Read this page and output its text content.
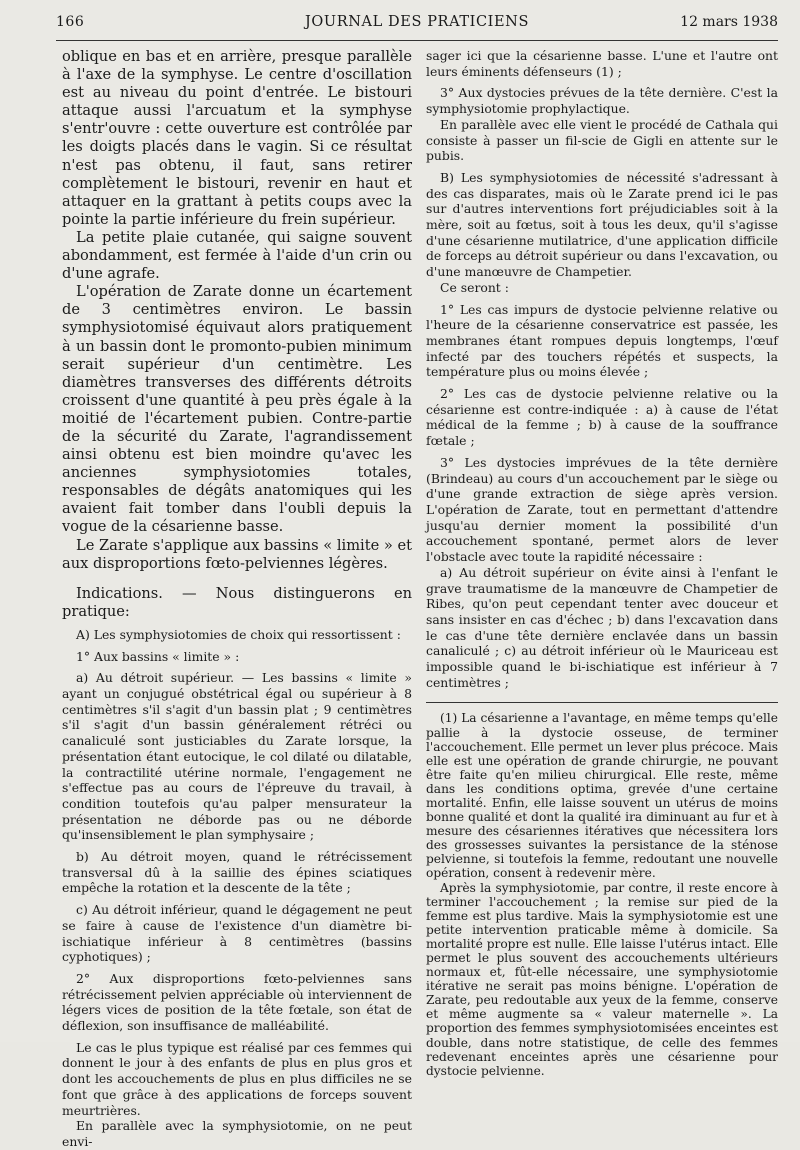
166	JOURNAL DES PRATICIENS	12 mars 1938

oblique en bas et en arrière, presque parallèle à l'axe de la symphyse. Le centre d'oscillation est au niveau du point d'entrée. Le bistouri attaque aussi l'arcuatum et la symphyse s'entr'ouvre : cette ouverture est contrôlée par les doigts placés dans le vagin. Si ce résultat n'est pas obtenu, il faut, sans retirer complètement le bistouri, revenir en haut et attaquer en la grattant à petits coups avec la pointe la partie inférieure du frein supérieur.

La petite plaie cutanée, qui saigne souvent abondamment, est fermée à l'aide d'un crin ou d'une agrafe.

L'opération de Zarate donne un écartement de 3 centimètres environ. Le bassin symphysiotomisé équivaut alors pratiquement à un bassin dont le promonto-pubien minimum serait supérieur d'un centimètre. Les diamètres transverses des différents détroits croissent d'une quantité à peu près égale à la moitié de l'écartement pubien. Contre-partie de la sécurité du Zarate, l'agrandissement ainsi obtenu est bien moindre qu'avec les anciennes symphysiotomies totales, responsables de dégâts anatomiques qui les avaient fait tomber dans l'oubli depuis la vogue de la césarienne basse.

Le Zarate s'applique aux bassins « limite » et aux disproportions fœto-pelviennes légères.

Indications. — Nous distinguerons en pratique:

A) Les symphysiotomies de choix qui ressortissent :

1° Aux bassins « limite » :

a) Au détroit supérieur. — Les bassins « limite » ayant un conjugué obstétrical égal ou supérieur à 8 centimètres s'il s'agit d'un bassin plat ; 9 centimètres s'il s'agit d'un bassin généralement rétréci ou canaliculé sont justiciables du Zarate lorsque, la présentation étant eutocique, le col dilaté ou dilatable, la contractilité utérine normale, l'engagement ne s'effectue pas au cours de l'épreuve du travail, à condition toutefois qu'au palper mensurateur la présentation ne déborde pas ou ne déborde qu'insensiblement le plan symphysaire ;

b) Au détroit moyen, quand le rétrécissement transversal dû à la saillie des épines sciatiques empêche la rotation et la descente de la tête ;

c) Au détroit inférieur, quand le dégagement ne peut se faire à cause de l'existence d'un diamètre bi-ischiatique inférieur à 8 centimètres (bassins cyphotiques) ;

2° Aux disproportions fœto-pelviennes sans rétrécissement pelvien appréciable où interviennent de légers vices de position de la tête fœtale, son état de déflexion, son insuffisance de malléabilité.

Le cas le plus typique est réalisé par ces femmes qui donnent le jour à des enfants de plus en plus gros et dont les accouchements de plus en plus difficiles ne se font que grâce à des applications de forceps souvent meurtrières.

En parallèle avec la symphysiotomie, on ne peut envi-

sager ici que la césarienne basse. L'une et l'autre ont leurs éminents défenseurs (1) ;

3° Aux dystocies prévues de la tête dernière. C'est la symphysiotomie prophylactique.

En parallèle avec elle vient le procédé de Cathala qui consiste à passer un fil-scie de Gigli en attente sur le pubis.

B) Les symphysiotomies de nécessité s'adressant à des cas disparates, mais où le Zarate prend ici le pas sur d'autres interventions fort préjudiciables soit à la mère, soit au fœtus, soit à tous les deux, qu'il s'agisse d'une césarienne mutilatrice, d'une application difficile de forceps au détroit supérieur ou dans l'excavation, ou d'une manœuvre de Champetier.

Ce seront :

1° Les cas impurs de dystocie pelvienne relative ou l'heure de la césarienne conservatrice est passée, les membranes étant rompues depuis longtemps, l'œuf infecté par des touchers répétés et suspects, la température plus ou moins élevée ;

2° Les cas de dystocie pelvienne relative ou la césarienne est contre-indiquée : a) à cause de l'état médical de la femme ; b) à cause de la souffrance fœtale ;

3° Les dystocies imprévues de la tête dernière (Brindeau) au cours d'un accouchement par le siège ou d'une grande extraction de siège après version. L'opération de Zarate, tout en permettant d'attendre jusqu'au dernier moment la possibilité d'un accouchement spontané, permet alors de lever l'obstacle avec toute la rapidité nécessaire :

a) Au détroit supérieur on évite ainsi à l'enfant le grave traumatisme de la manœuvre de Champetier de Ribes, qu'on peut cependant tenter avec douceur et sans insister en cas d'échec ; b) dans l'excavation dans le cas d'une tête dernière enclavée dans un bassin canaliculé ; c) au détroit inférieur où le Mauriceau est impossible quand le bi-ischiatique est inférieur à 7 centimètres ;

(1) La césarienne a l'avantage, en même temps qu'elle pallie à la dystocie osseuse, de terminer l'accouchement. Elle permet un lever plus précoce. Mais elle est une opération de grande chirurgie, ne pouvant être faite qu'en milieu chirurgical. Elle reste, même dans les conditions optima, grevée d'une certaine mortalité. Enfin, elle laisse souvent un utérus de moins bonne qualité et dont la qualité ira diminuant au fur et à mesure des césariennes itératives que nécessitera lors des grossesses suivantes la persistance de la sténose pelvienne, si toutefois la femme, redoutant une nouvelle opération, consent à redevenir mère.

Après la symphysiotomie, par contre, il reste encore à terminer l'accouchement ; la remise sur pied de la femme est plus tardive. Mais la symphysiotomie est une petite intervention praticable même à domicile. Sa mortalité propre est nulle. Elle laisse l'utérus intact. Elle permet le plus souvent des accouchements ultérieurs normaux et, fût-elle nécessaire, une symphysiotomie itérative ne serait pas moins bénigne. L'opération de Zarate, peu redoutable aux yeux de la femme, conserve et même augmente sa « valeur maternelle ». La proportion des femmes symphysiotomisées enceintes est double, dans notre statistique, de celle des femmes redevenant enceintes après une césarienne pour dystocie pelvienne.
